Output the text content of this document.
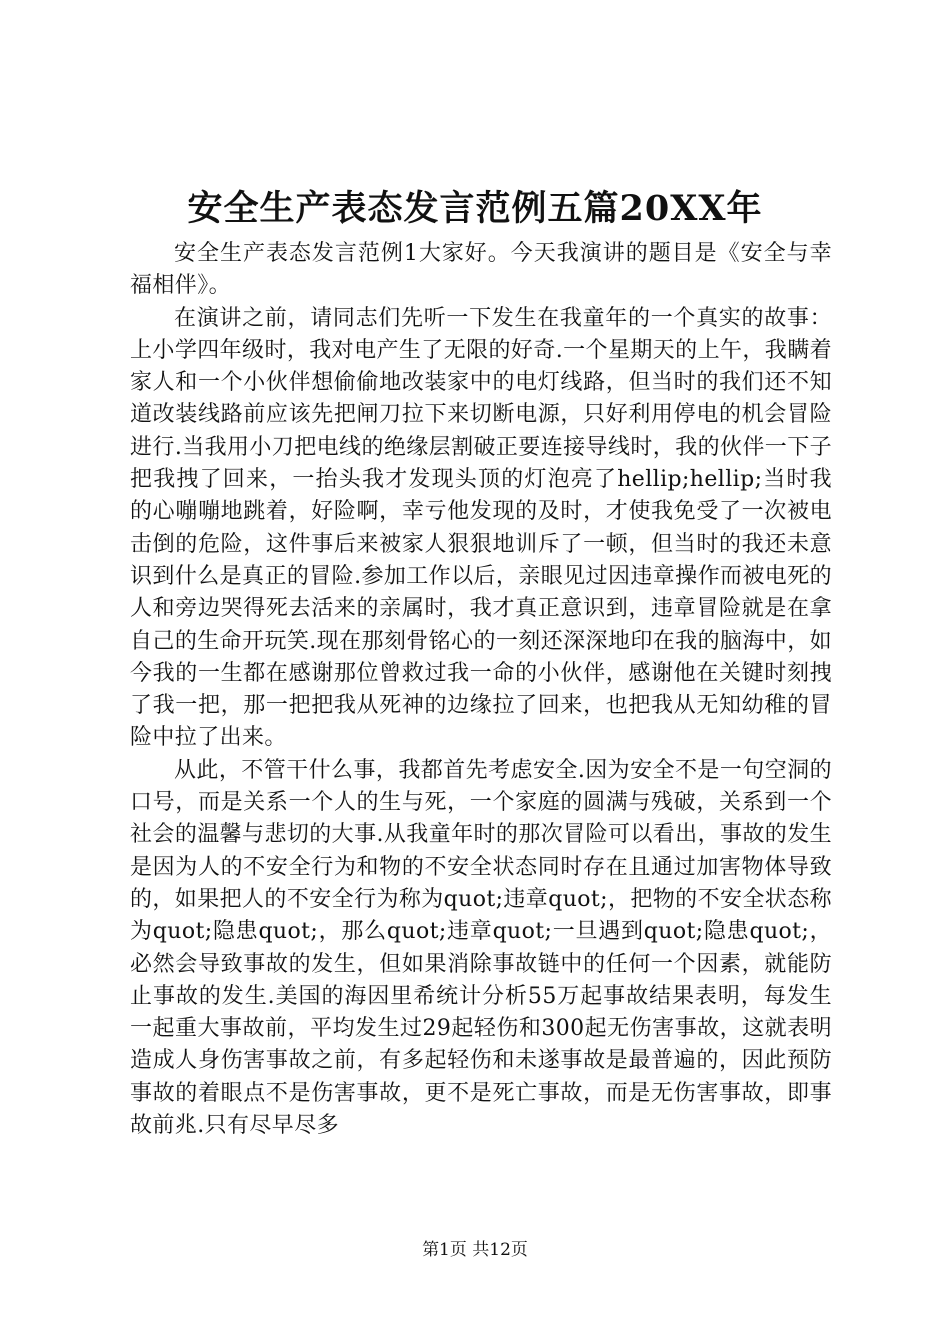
安全生产表态发言范例五篇20XX年

安全生产表态发言范例1大家好。今天我演讲的题目是《安全与幸福相伴》。

在演讲之前，请同志们先听一下发生在我童年的一个真实的故事：上小学四年级时，我对电产生了无限的好奇.一个星期天的上午，我瞒着家人和一个小伙伴想偷偷地改装家中的电灯线路，但当时的我们还不知道改装线路前应该先把闸刀拉下来切断电源，只好利用停电的机会冒险进行.当我用小刀把电线的绝缘层割破正要连接导线时，我的伙伴一下子把我拽了回来，一抬头我才发现头顶的灯泡亮了hellip;hellip;当时我的心嘣嘣地跳着，好险啊，幸亏他发现的及时，才使我免受了一次被电击倒的危险，这件事后来被家人狠狠地训斥了一顿，但当时的我还未意识到什么是真正的冒险.参加工作以后，亲眼见过因违章操作而被电死的人和旁边哭得死去活来的亲属时，我才真正意识到，违章冒险就是在拿自己的生命开玩笑.现在那刻骨铭心的一刻还深深地印在我的脑海中，如今我的一生都在感谢那位曾救过我一命的小伙伴，感谢他在关键时刻拽了我一把，那一把把我从死神的边缘拉了回来，也把我从无知幼稚的冒险中拉了出来。

从此，不管干什么事，我都首先考虑安全.因为安全不是一句空洞的口号，而是关系一个人的生与死，一个家庭的圆满与残破，关系到一个社会的温馨与悲切的大事.从我童年时的那次冒险可以看出，事故的发生是因为人的不安全行为和物的不安全状态同时存在且通过加害物体导致的，如果把人的不安全行为称为quot;违章quot;，把物的不安全状态称为quot;隐患quot;，那么quot;违章quot;一旦遇到quot;隐患quot;，必然会导致事故的发生，但如果消除事故链中的任何一个因素，就能防止事故的发生.美国的海因里希统计分析55万起事故结果表明，每发生一起重大事故前，平均发生过29起轻伤和300起无伤害事故，这就表明造成人身伤害事故之前，有多起轻伤和未遂事故是最普遍的，因此预防事故的着眼点不是伤害事故，更不是死亡事故，而是无伤害事故，即事故前兆.只有尽早尽多

第1页 共12页
